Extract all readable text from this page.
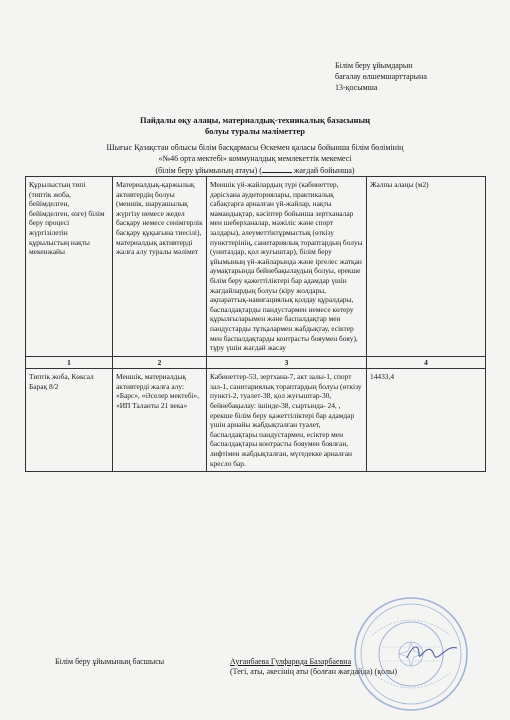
Білім беру ұйымдарын
бағалау өлшемшарттарына
13-қосымша
Пайдалы оқу алаңы, материалдық-техникалық базасының
болуы туралы мәліметтер
Шығыс Қазақстан облысы білім басқармасы Өскемен қаласы бойынша білім бөлімінің
«№46 орта мектебі» коммуналдық мемлекеттік мекемесі
(білім беру ұйымының атауы) (	жағдай бойынша)
Құрылыстың типі (типтік жоба, бейімделген, бейімделген, өзге) білім беру процесі жүргізілетін құрылыстың нақты мекенжайы	Материалдық-қаржылық активтердің болуы (меншік, шаруашылық жүргізу немесе жедел басқару немесе сенімгерлік басқару құқығына тиесілі), материалдық активтерді жалға алу туралы мәлімет	Меншік үй-жайлардың түрі (кабинеттер, дәрісхана аудиториялары, практикалық сабақтарға арналған үй-жайлар, нақты мамандықтар, кәсіптер бойынша зертханалар мен шеберханалар, мәжіліс және спорт залдары), әлеуметтіктұрмыстық (өткізу пункттерінің, санитариялық тораптардың болуы (унитаздар, қол жуғыштар), білім беру ұйымының үй-жайларында және іргелес жатқан аумақтарында бейнебақылаудың болуы, ерекше білім беру қажеттіліктері бар адамдар үшін жағдайлардың болуы (кіру жолдары, ақпараттық-навигациялық қолдау құралдары, баспалдақтарды пандустармен немесе көтеру құрылғыларымен және баспалдақтар мен пандустарды тұтқалармен жабдықтау, есіктер мен баспалдақтарды контрасты бояумен бояу), тұру үшін жағдай жасау	Жалпы алаңы (м2)
1	2	3	4
Типтік жоба, Көксал Барақ 8/2	Меншік, материалдық активтерді жалға алу: «Барс», «Әселер мектебі», «ИП Таланты 21 века»	Кабинеттер-53, зертхана-7, акт залы-1, спорт зал-1, санитариялық тораптардың болуы (өткізу пункті-2, туалет-38, қол жуғыштар-30, бейнебақылау: ішінде-38, сыртында- 24, , ерекше білім беру қажеттіліктері бар адамдар үшін арнайы жабдықталған туалет, баспалдақтары пандустармен, есіктер мен баспалдақтары контрасты бояумен боялған, лифтімен жабдықталған, мүгедекке арналған кресло бар.	14433,4
Білім беру ұйымының басшысы	Ауғанбаева Гулфарида Базарбаевна
(Тегі, аты, әкесінің аты (болған жағдайда) (қолы)
